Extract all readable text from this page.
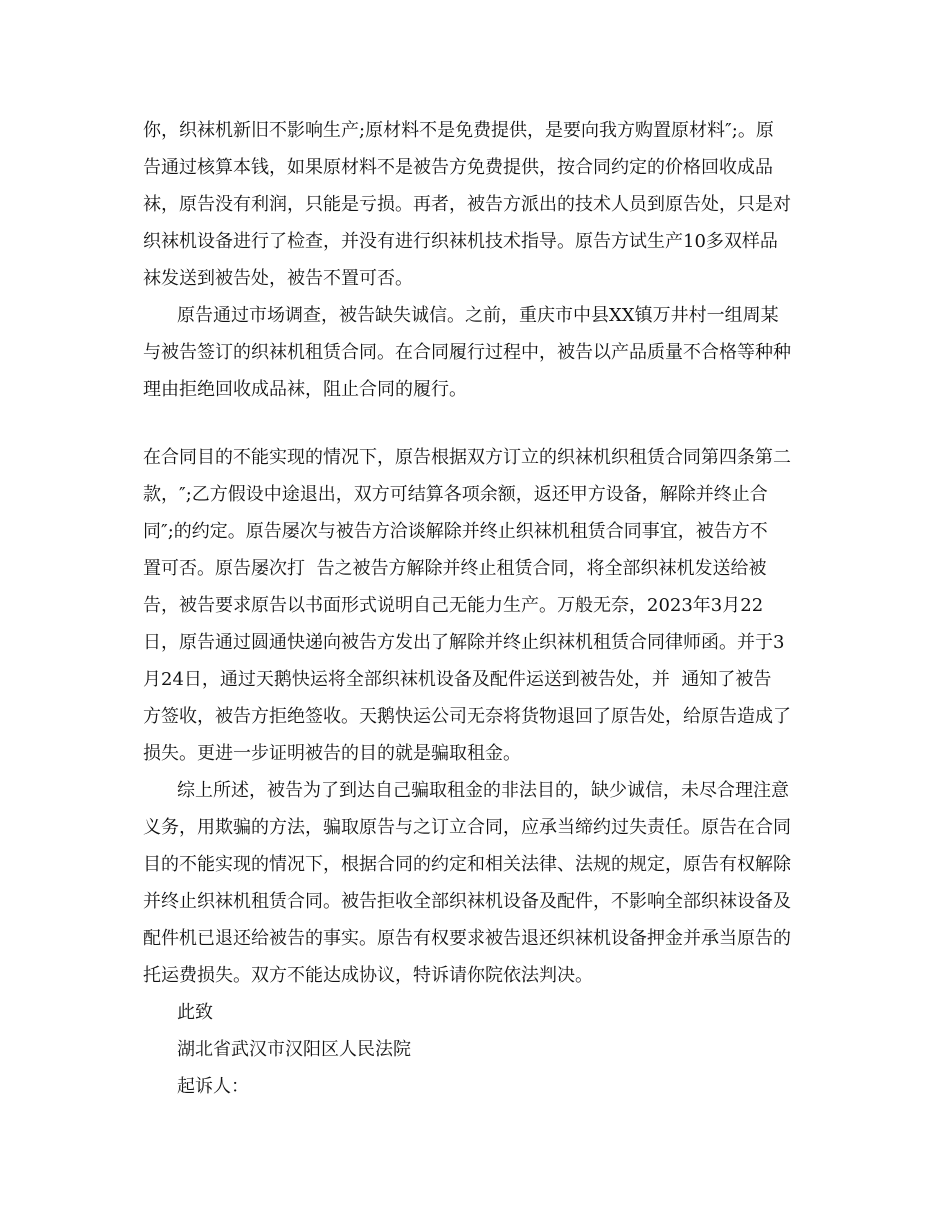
你，织袜机新旧不影响生产;原材料不是免费提供，是要向我方购置原材料″;。原
告通过核算本钱，如果原材料不是被告方免费提供，按合同约定的价格回收成品
袜，原告没有利润，只能是亏损。再者，被告方派出的技术人员到原告处，只是对
织袜机设备进行了检查，并没有进行织袜机技术指导。原告方试生产10多双样品
袜发送到被告处，被告不置可否。
原告通过市场调查，被告缺失诚信。之前，重庆市中县XX镇万井村一组周某
与被告签订的织袜机租赁合同。在合同履行过程中，被告以产品质量不合格等种种
理由拒绝回收成品袜，阻止合同的履行。
在合同目的不能实现的情况下，原告根据双方订立的织袜机织租赁合同第四条第二
款，″;乙方假设中途退出，双方可结算各项余额，返还甲方设备，解除并终止合
同″;的约定。原告屡次与被告方洽谈解除并终止织袜机租赁合同事宜，被告方不
置可否。原告屡次打  告之被告方解除并终止租赁合同，将全部织袜机发送给被
告，被告要求原告以书面形式说明自己无能力生产。万般无奈，2023年3月22
日，原告通过圆通快递向被告方发出了解除并终止织袜机租赁合同律师函。并于3
月24日，通过天鹅快运将全部织袜机设备及配件运送到被告处，并  通知了被告
方签收，被告方拒绝签收。天鹅快运公司无奈将货物退回了原告处，给原告造成了
损失。更进一步证明被告的目的就是骗取租金。
综上所述，被告为了到达自己骗取租金的非法目的，缺少诚信，未尽合理注意
义务，用欺骗的方法，骗取原告与之订立合同，应承当缔约过失责任。原告在合同
目的不能实现的情况下，根据合同的约定和相关法律、法规的规定，原告有权解除
并终止织袜机租赁合同。被告拒收全部织袜机设备及配件，不影响全部织袜设备及
配件机已退还给被告的事实。原告有权要求被告退还织袜机设备押金并承当原告的
托运费损失。双方不能达成协议，特诉请你院依法判决。
此致
湖北省武汉市汉阳区人民法院
起诉人：
